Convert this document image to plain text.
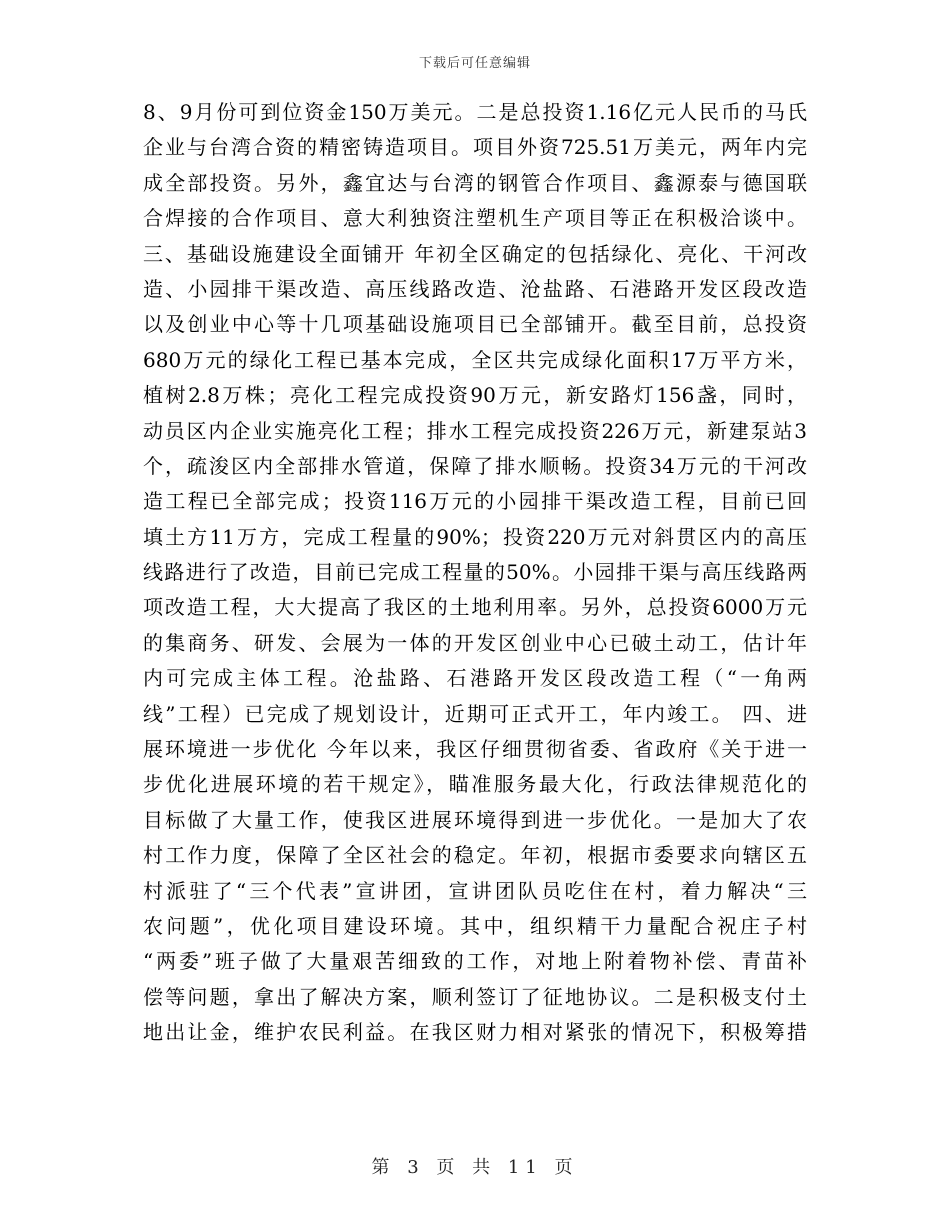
下载后可任意编辑
8、9月份可到位资金150万美元。二是总投资1.16亿元人民币的马氏
企业与台湾合资的精密铸造项目。项目外资725.51万美元，两年内完
成全部投资。另外，鑫宜达与台湾的钢管合作项目、鑫源泰与德国联
合焊接的合作项目、意大利独资注塑机生产项目等正在积极洽谈中。
三、基础设施建设全面铺开 年初全区确定的包括绿化、亮化、干河改
造、小园排干渠改造、高压线路改造、沧盐路、石港路开发区段改造
以及创业中心等十几项基础设施项目已全部铺开。截至目前，总投资
680万元的绿化工程已基本完成，全区共完成绿化面积17万平方米，
植树2.8万株；亮化工程完成投资90万元，新安路灯156盏，同时，
动员区内企业实施亮化工程；排水工程完成投资226万元，新建泵站3
个，疏浚区内全部排水管道，保障了排水顺畅。投资34万元的干河改
造工程已全部完成；投资116万元的小园排干渠改造工程，目前已回
填土方11万方，完成工程量的90%；投资220万元对斜贯区内的高压
线路进行了改造，目前已完成工程量的50%。小园排干渠与高压线路两
项改造工程，大大提高了我区的土地利用率。另外，总投资6000万元
的集商务、研发、会展为一体的开发区创业中心已破土动工，估计年
内可完成主体工程。沧盐路、石港路开发区段改造工程（“一角两
线”工程）已完成了规划设计，近期可正式开工，年内竣工。 四、进
展环境进一步优化 今年以来，我区仔细贯彻省委、省政府《关于进一
步优化进展环境的若干规定》，瞄准服务最大化，行政法律规范化的
目标做了大量工作，使我区进展环境得到进一步优化。一是加大了农
村工作力度，保障了全区社会的稳定。年初，根据市委要求向辖区五
村派驻了“三个代表”宣讲团，宣讲团队员吃住在村，着力解决“三
农问题”，优化项目建设环境。其中，组织精干力量配合祝庄子村
“两委”班子做了大量艰苦细致的工作，对地上附着物补偿、青苗补
偿等问题，拿出了解决方案，顺利签订了征地协议。二是积极支付土
地出让金，维护农民利益。在我区财力相对紧张的情况下，积极筹措
第 3 页 共 11 页
